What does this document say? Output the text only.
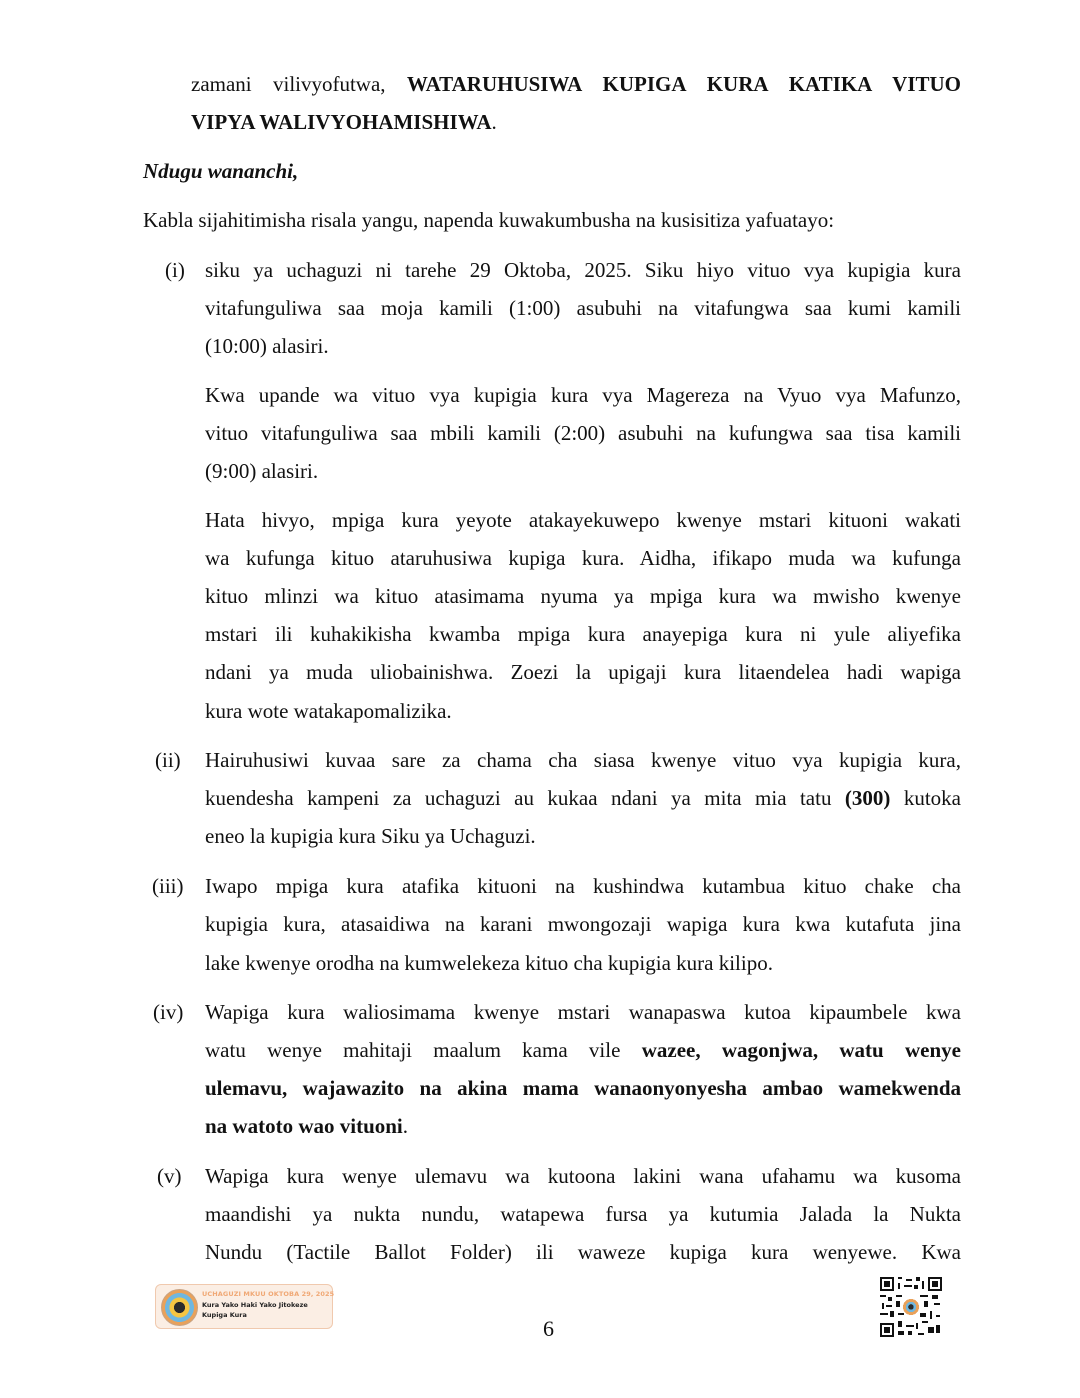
zamani vilivyofutwa, WATARUHUSIWA KUPIGA KURA KATIKA VITUO
VIPYA WALIVYOHAMISHIWA.
Ndugu wananchi,
Kabla sijahitimisha risala yangu, napenda kuwakumbusha na kusisitiza yafuatayo:
(i) siku ya uchaguzi ni tarehe 29 Oktoba, 2025. Siku hiyo vituo vya kupigia kura
vitafunguliwa saa moja kamili (1:00) asubuhi na vitafungwa saa kumi kamili
(10:00) alasiri.
Kwa upande wa vituo vya kupigia kura vya Magereza na Vyuo vya Mafunzo,
vituo vitafunguliwa saa mbili kamili (2:00) asubuhi na kufungwa saa tisa kamili
(9:00) alasiri.
Hata hivyo, mpiga kura yeyote atakayekuwepo kwenye mstari kituoni wakati
wa kufunga kituo ataruhusiwa kupiga kura. Aidha, ifikapo muda wa kufunga
kituo mlinzi wa kituo atasimama nyuma ya mpiga kura wa mwisho kwenye
mstari ili kuhakikisha kwamba mpiga kura anayepiga kura ni yule aliyefika
ndani ya muda uliobainishwa. Zoezi la upigaji kura litaendelea hadi wapiga
kura wote watakapomalizika.
(ii) Hairuhusiwi kuvaa sare za chama cha siasa kwenye vituo vya kupigia kura,
kuendesha kampeni za uchaguzi au kukaa ndani ya mita mia tatu (300) kutoka
eneo la kupigia kura Siku ya Uchaguzi.
(iii) Iwapo mpiga kura atafika kituoni na kushindwa kutambua kituo chake cha
kupigia kura, atasaidiwa na karani mwongozaji wapiga kura kwa kutafuta jina
lake kwenye orodha na kumwelekeza kituo cha kupigia kura kilipo.
(iv) Wapiga kura waliosimama kwenye mstari wanapaswa kutoa kipaumbele kwa
watu wenye mahitaji maalum kama vile wazee, wagonjwa, watu wenye
ulemavu, wajawazito na akina mama wanaonyonyesha ambao wamekwenda
na watoto wao vituoni.
(v) Wapiga kura wenye ulemavu wa kutoona lakini wana ufahamu wa kusoma
maandishi ya nukta nundu, watapewa fursa ya kutumia Jalada la Nukta
Nundu (Tactile Ballot Folder) ili waweze kupiga kura wenyewe. Kwa
UCHAGUZI MKUU OKTOBA 29, 2025
Kura Yako Haki Yako Jitokeze
Kupiga Kura
6
